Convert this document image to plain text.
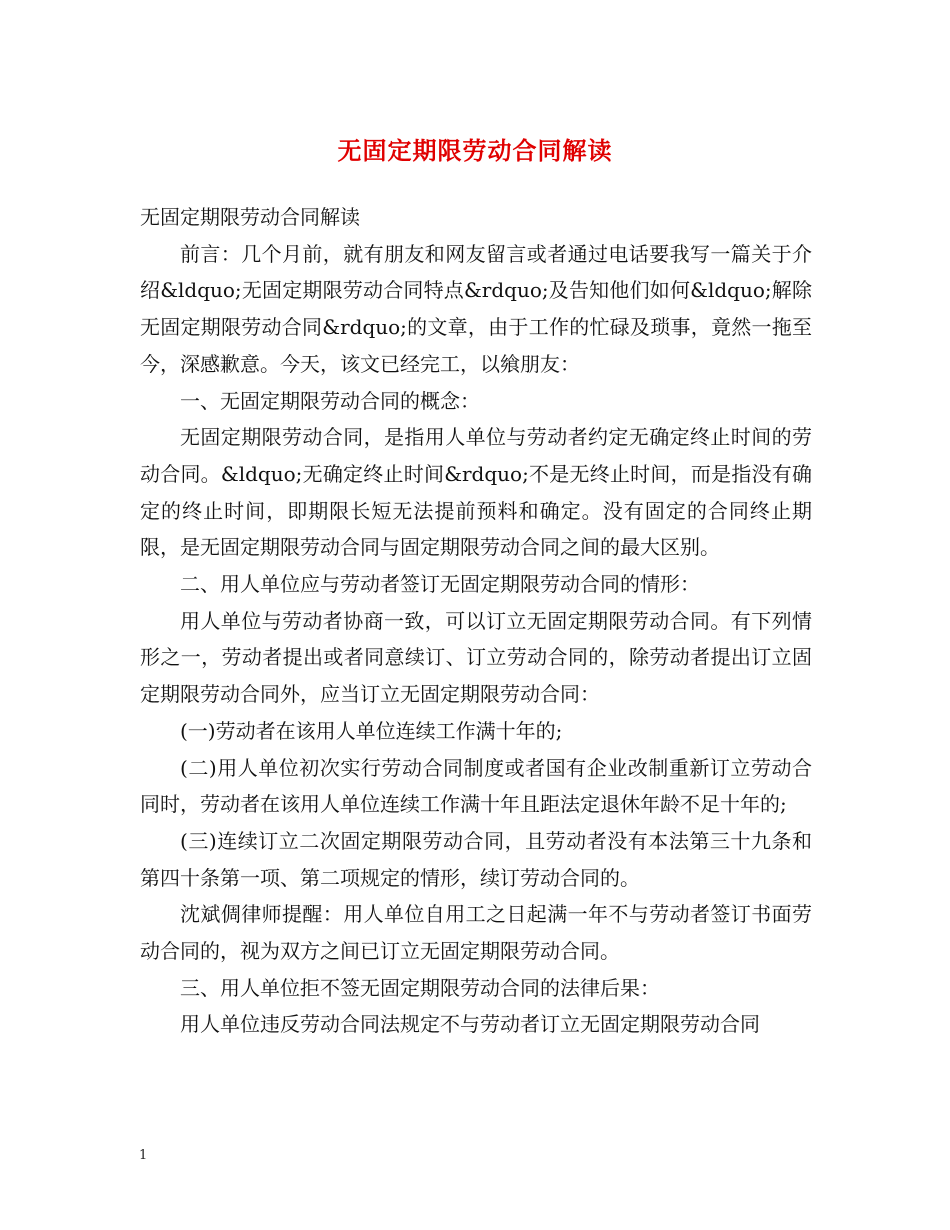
无固定期限劳动合同解读

无固定期限劳动合同解读

前言：几个月前，就有朋友和网友留言或者通过电话要我写一篇关于介绍&ldquo;无固定期限劳动合同特点&rdquo;及告知他们如何&ldquo;解除无固定期限劳动合同&rdquo;的文章，由于工作的忙碌及琐事，竟然一拖至今，深感歉意。今天，该文已经完工，以飨朋友：

一、无固定期限劳动合同的概念：

无固定期限劳动合同，是指用人单位与劳动者约定无确定终止时间的劳动合同。&ldquo;无确定终止时间&rdquo;不是无终止时间，而是指没有确定的终止时间，即期限长短无法提前预料和确定。没有固定的合同终止期限，是无固定期限劳动合同与固定期限劳动合同之间的最大区别。

二、用人单位应与劳动者签订无固定期限劳动合同的情形：

用人单位与劳动者协商一致，可以订立无固定期限劳动合同。有下列情形之一，劳动者提出或者同意续订、订立劳动合同的，除劳动者提出订立固定期限劳动合同外，应当订立无固定期限劳动合同：

(一)劳动者在该用人单位连续工作满十年的;

(二)用人单位初次实行劳动合同制度或者国有企业改制重新订立劳动合同时，劳动者在该用人单位连续工作满十年且距法定退休年龄不足十年的;

(三)连续订立二次固定期限劳动合同，且劳动者没有本法第三十九条和第四十条第一项、第二项规定的情形，续订劳动合同的。

沈斌倜律师提醒：用人单位自用工之日起满一年不与劳动者签订书面劳动合同的，视为双方之间已订立无固定期限劳动合同。

三、用人单位拒不签无固定期限劳动合同的法律后果：

用人单位违反劳动合同法规定不与劳动者订立无固定期限劳动合同

1
